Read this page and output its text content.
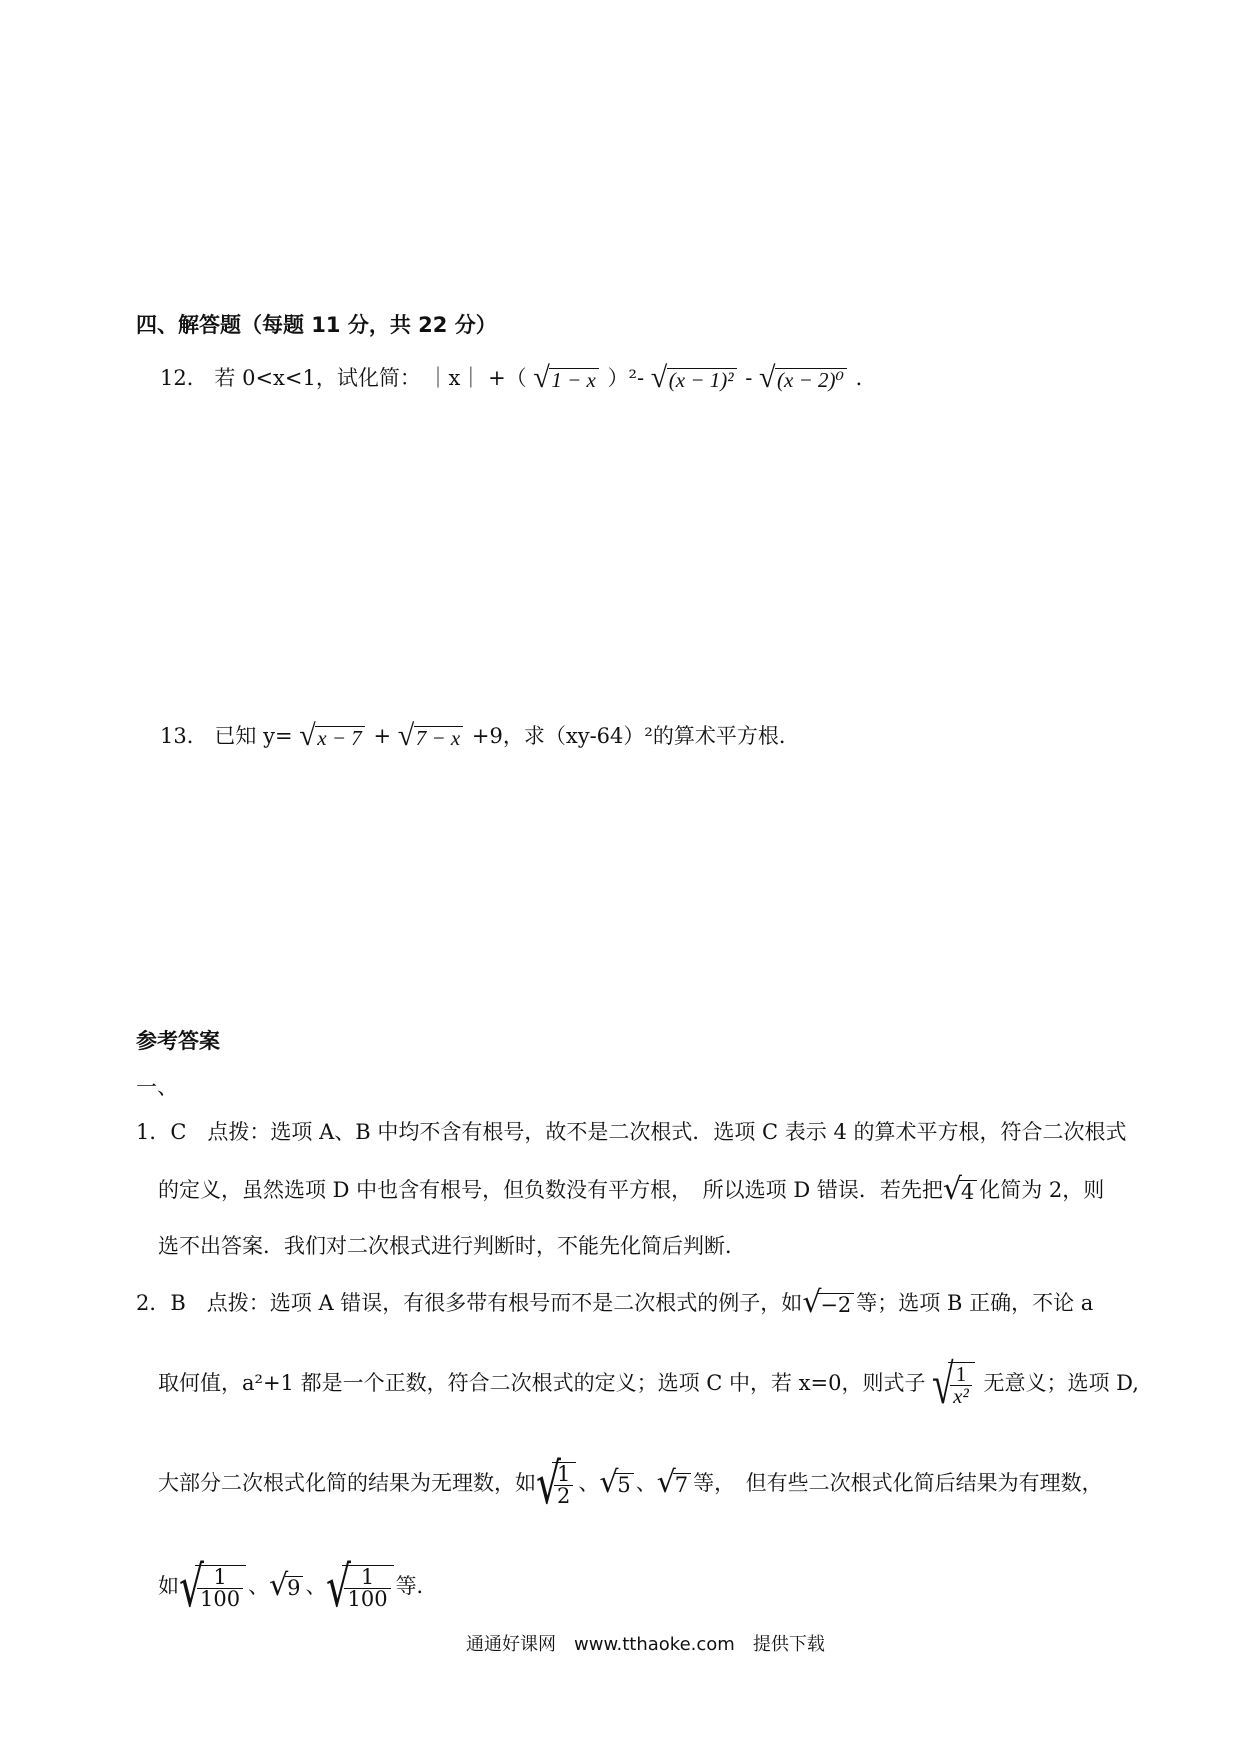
四、解答题（每题 11 分，共 22 分）
12． 若 0<x<1，试化简： ｜x｜ +（ √ 1 − x ）²- √ (x − 1)² - √ (x − 2)⁰ ．
13． 已知 y= √ x − 7 + √ 7 − x +9，求（xy-64）²的算术平方根．
参考答案
一、
1．C　点拨：选项 A、B 中均不含有根号，故不是二次根式．选项 C 表示 4 的算术平方根，符合二次根式
的定义，虽然选项 D 中也含有根号，但负数没有平方根，　所以选项 D 错误．若先把 √ 4 化简为 2，则
选不出答案．我们对二次根式进行判断时，不能先化简后判断．
2．B　点拨：选项 A 错误，有很多带有根号而不是二次根式的例子，如 √ −2 等；选项 B 正确，不论 a
取何值，a²+1 都是一个正数，符合二次根式的定义；选项 C 中，若 x=0，则式子 √ $\frac{1}{\text{x²}}$ 无意义；选项 D,
大部分二次根式化简的结果为无理数，如 √ $\frac{1}{2}$ 、 √ 5 、 √ 7 等，　但有些二次根式化简后结果为有理数，
如 √ $\frac{1}{100}$ 、 √ 9 、 √ $\frac{1}{100}$ 等．
通通好课网　www.tthaoke.com　提供下载
